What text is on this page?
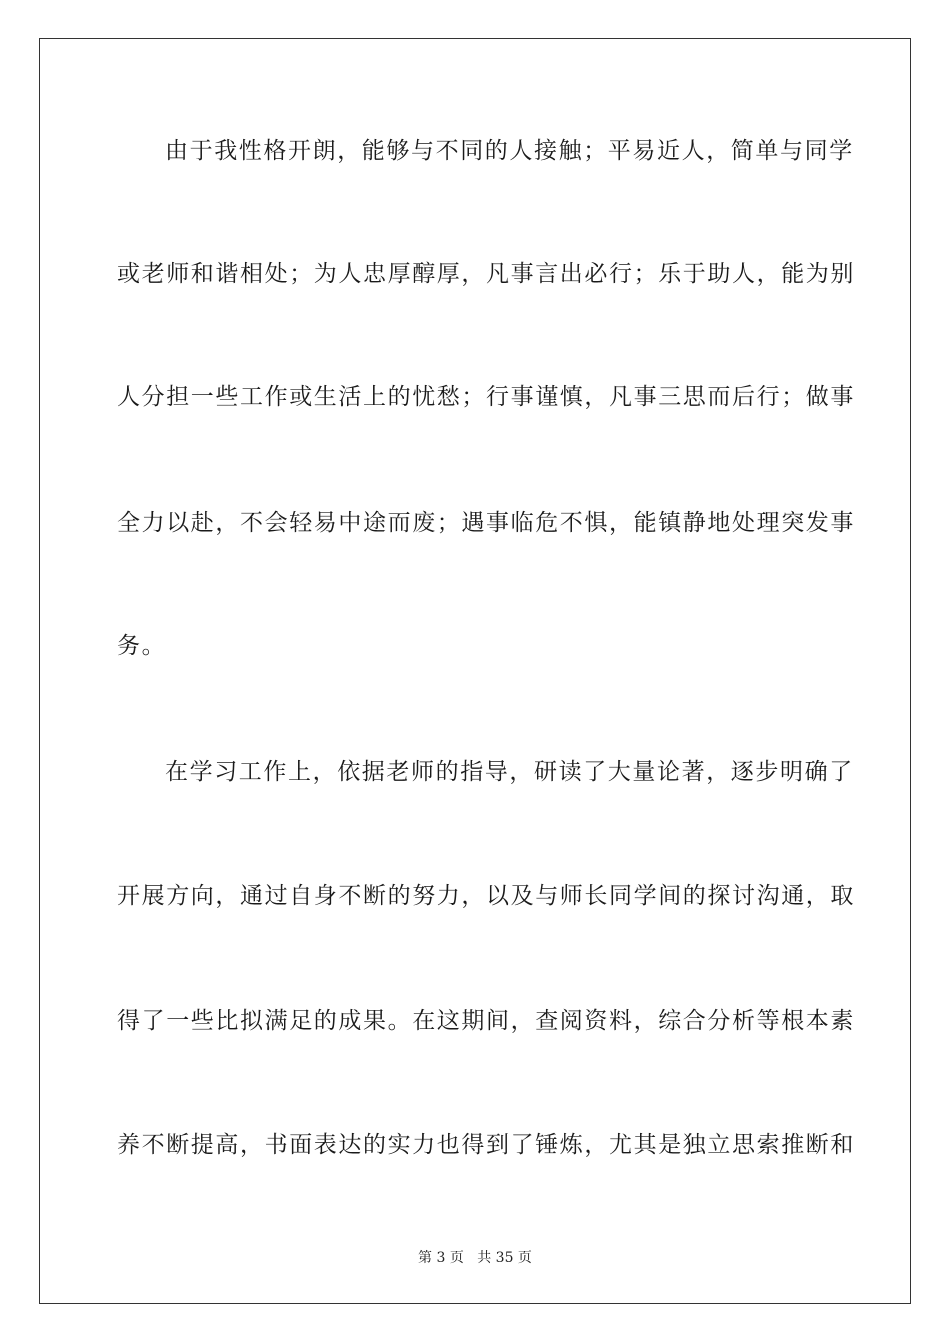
由于我性格开朗，能够与不同的人接触；平易近人，简单与同学
或老师和谐相处；为人忠厚醇厚，凡事言出必行；乐于助人，能为别
人分担一些工作或生活上的忧愁；行事谨慎，凡事三思而后行；做事
全力以赴，不会轻易中途而废；遇事临危不惧，能镇静地处理突发事
务。
在学习工作上，依据老师的指导，研读了大量论著，逐步明确了
开展方向，通过自身不断的努力，以及与师长同学间的探讨沟通，取
得了一些比拟满足的成果。在这期间，查阅资料，综合分析等根本素
养不断提高，书面表达的实力也得到了锤炼，尤其是独立思索推断和
第 3 页 共 35 页
